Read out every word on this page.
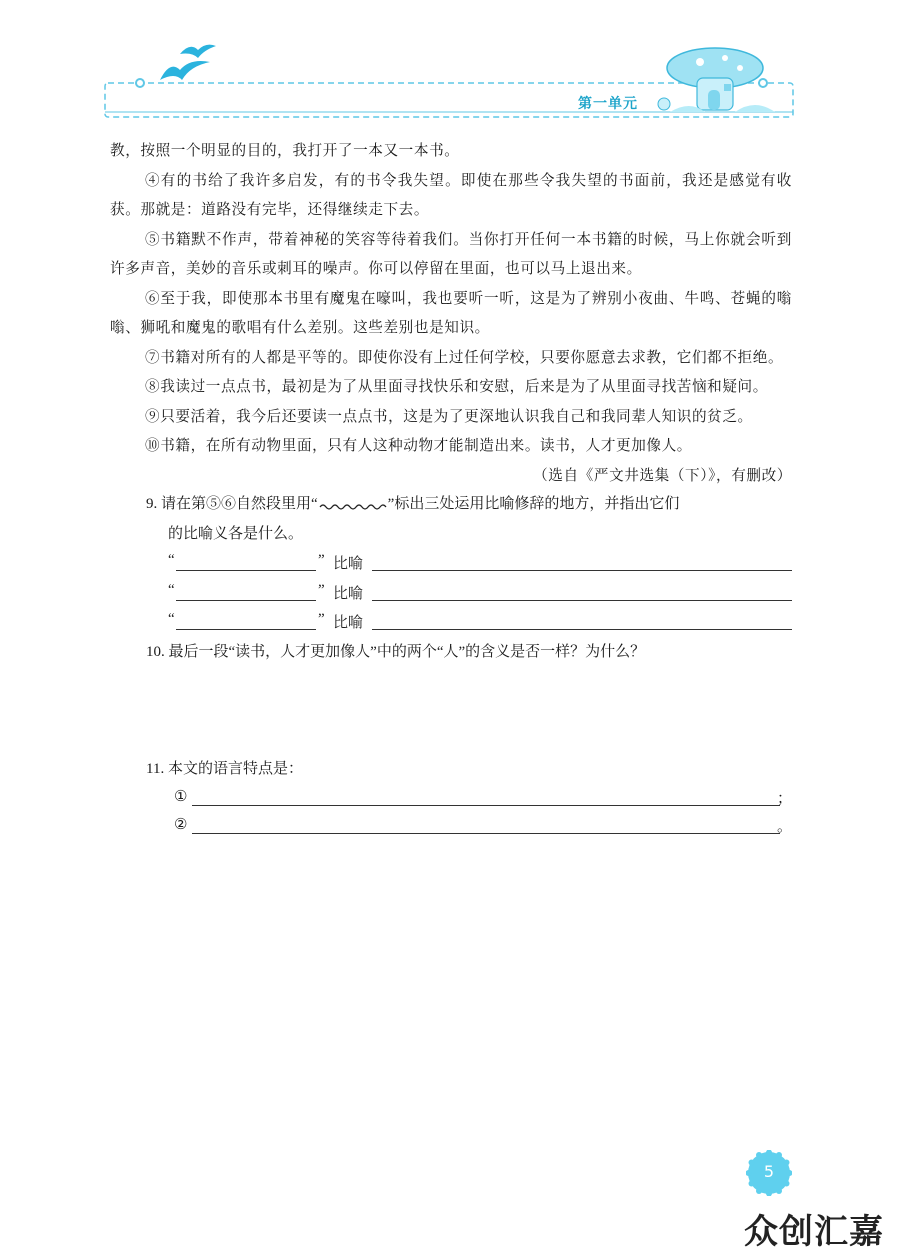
第一单元

教，按照一个明显的目的，我打开了一本又一本书。

④有的书给了我许多启发，有的书令我失望。即使在那些令我失望的书面前，我还是感觉有收获。那就是：道路没有完毕，还得继续走下去。

⑤书籍默不作声，带着神秘的笑容等待着我们。当你打开任何一本书籍的时候，马上你就会听到许多声音，美妙的音乐或刺耳的噪声。你可以停留在里面，也可以马上退出来。

⑥至于我，即使那本书里有魔鬼在嚎叫，我也要听一听，这是为了辨别小夜曲、牛鸣、苍蝇的嗡嗡、狮吼和魔鬼的歌唱有什么差别。这些差别也是知识。

⑦书籍对所有的人都是平等的。即使你没有上过任何学校，只要你愿意去求教，它们都不拒绝。

⑧我读过一点点书，最初是为了从里面寻找快乐和安慰，后来是为了从里面寻找苦恼和疑问。

⑨只要活着，我今后还要读一点点书，这是为了更深地认识我自己和我同辈人知识的贫乏。

⑩书籍，在所有动物里面，只有人这种动物才能制造出来。读书，人才更加像人。

（选自《严文井选集（下）》，有删改）

9. 请在第⑤⑥自然段里用“	”标出三处运用比喻修辞的地方，并指出它们
的比喻义各是什么。

“	” 比喻
“	” 比喻
“	” 比喻

10. 最后一段“读书，人才更加像人”中的两个“人”的含义是否一样？为什么？

11. 本文的语言特点是：

①	；
②	。
5
众创汇嘉
